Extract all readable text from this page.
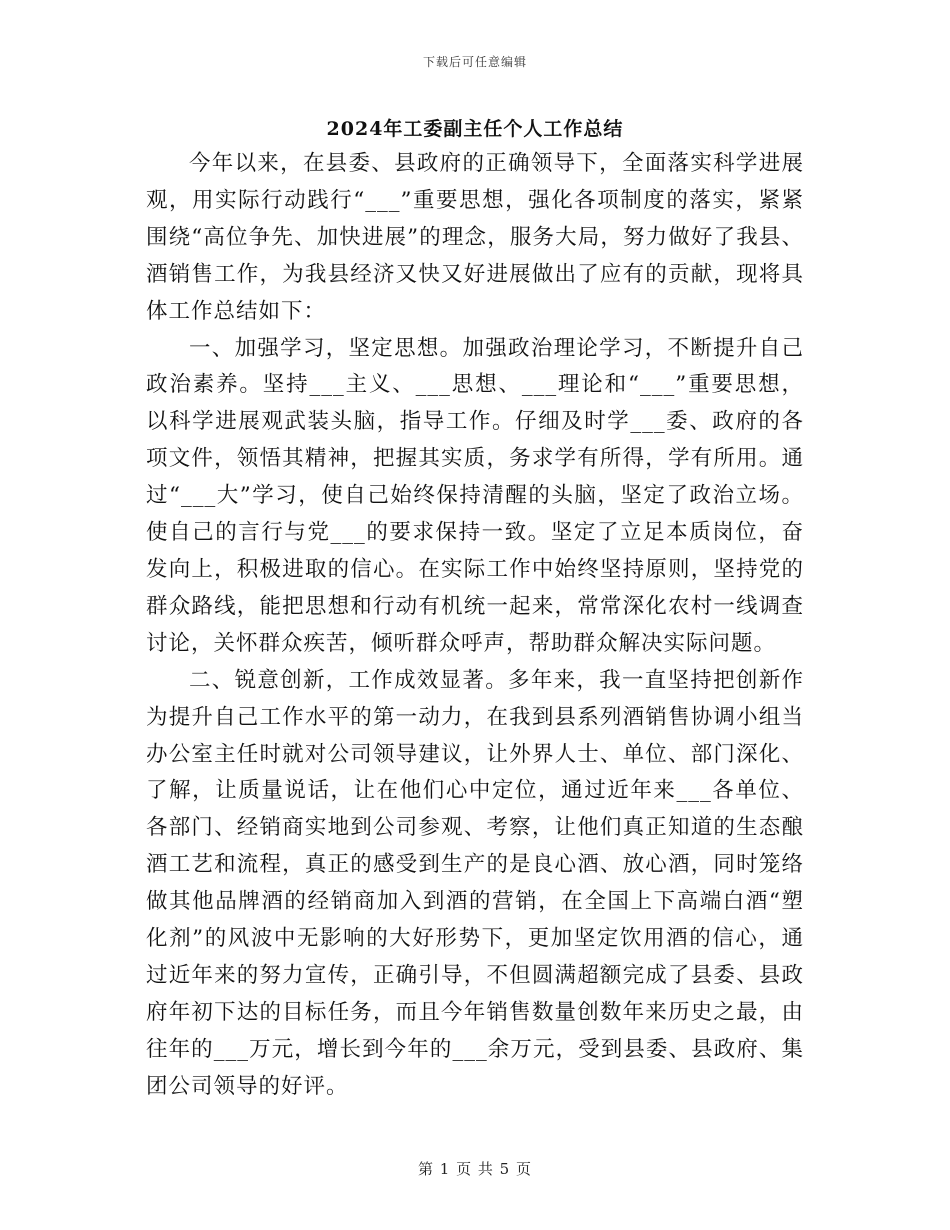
下载后可任意编辑
2024年工委副主任个人工作总结

今年以来，在县委、县政府的正确领导下，全面落实科学进展观，用实际行动践行“___”重要思想，强化各项制度的落实，紧紧围绕“高位争先、加快进展”的理念，服务大局，努力做好了我县、酒销售工作，为我县经济又快又好进展做出了应有的贡献，现将具体工作总结如下：

一、加强学习，坚定思想。加强政治理论学习，不断提升自己政治素养。坚持___主义、___思想、___理论和“___”重要思想，以科学进展观武装头脑，指导工作。仔细及时学___委、政府的各项文件，领悟其精神，把握其实质，务求学有所得，学有所用。通过“___大”学习，使自己始终保持清醒的头脑，坚定了政治立场。使自己的言行与党___的要求保持一致。坚定了立足本质岗位，奋发向上，积极进取的信心。在实际工作中始终坚持原则，坚持党的群众路线，能把思想和行动有机统一起来，常常深化农村一线调查讨论，关怀群众疾苦，倾听群众呼声，帮助群众解决实际问题。

二、锐意创新，工作成效显著。多年来，我一直坚持把创新作为提升自己工作水平的第一动力，在我到县系列酒销售协调小组当办公室主任时就对公司领导建议，让外界人士、单位、部门深化、了解，让质量说话，让在他们心中定位，通过近年来___各单位、各部门、经销商实地到公司参观、考察，让他们真正知道的生态酿酒工艺和流程，真正的感受到生产的是良心酒、放心酒，同时笼络做其他品牌酒的经销商加入到酒的营销，在全国上下高端白酒“塑化剂”的风波中无影响的大好形势下，更加坚定饮用酒的信心，通过近年来的努力宣传，正确引导，不但圆满超额完成了县委、县政府年初下达的目标任务，而且今年销售数量创数年来历史之最，由往年的___万元，增长到今年的___余万元，受到县委、县政府、集团公司领导的好评。

第 1 页 共 5 页
